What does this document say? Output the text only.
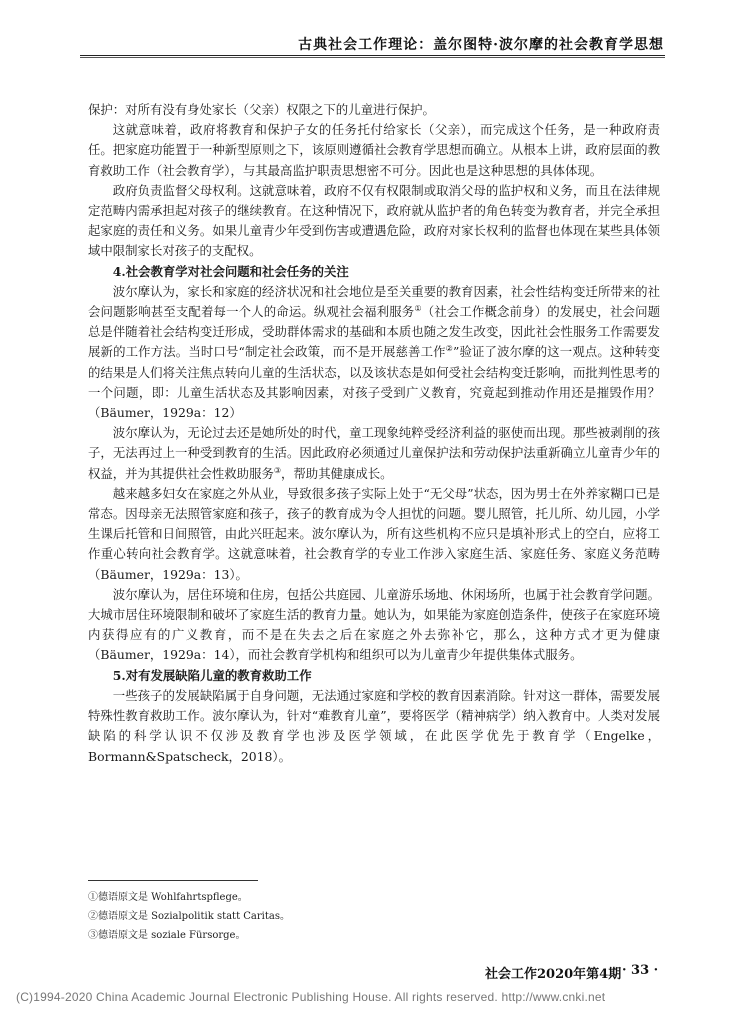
古典社会工作理论：盖尔图特·波尔摩的社会教育学思想

保护：对所有没有身处家长（父亲）权限之下的儿童进行保护。

这就意味着，政府将教育和保护子女的任务托付给家长（父亲），而完成这个任务，是一种政府责任。把家庭功能置于一种新型原则之下，该原则遵循社会教育学思想而确立。从根本上讲，政府层面的教育救助工作（社会教育学），与其最高监护职责思想密不可分。因此也是这种思想的具体体现。

政府负责监督父母权利。这就意味着，政府不仅有权限制或取消父母的监护权和义务，而且在法律规定范畴内需承担起对孩子的继续教育。在这种情况下，政府就从监护者的角色转变为教育者，并完全承担起家庭的责任和义务。如果儿童青少年受到伤害或遭遇危险，政府对家长权利的监督也体现在某些具体领域中限制家长对孩子的支配权。

4.社会教育学对社会问题和社会任务的关注

波尔摩认为，家长和家庭的经济状况和社会地位是至关重要的教育因素，社会性结构变迁所带来的社会问题影响甚至支配着每一个人的命运。纵观社会福利服务①（社会工作概念前身）的发展史，社会问题总是伴随着社会结构变迁形成，受助群体需求的基础和本质也随之发生改变，因此社会性服务工作需要发展新的工作方法。当时口号“制定社会政策，而不是开展慈善工作②”验证了波尔摩的这一观点。这种转变的结果是人们将关注焦点转向儿童的生活状态，以及该状态是如何受社会结构变迁影响，而批判性思考的一个问题，即：儿童生活状态及其影响因素，对孩子受到广义教育，究竟起到推动作用还是摧毁作用？（Bäumer，1929a：12）

波尔摩认为，无论过去还是她所处的时代，童工现象纯粹受经济利益的驱使而出现。那些被剥削的孩子，无法再过上一种受到教育的生活。因此政府必须通过儿童保护法和劳动保护法重新确立儿童青少年的权益，并为其提供社会性救助服务③，帮助其健康成长。

越来越多妇女在家庭之外从业，导致很多孩子实际上处于“无父母”状态，因为男士在外养家糊口已是常态。因母亲无法照管家庭和孩子，孩子的教育成为令人担忧的问题。婴儿照管，托儿所、幼儿园，小学生课后托管和日间照管，由此兴旺起来。波尔摩认为，所有这些机构不应只是填补形式上的空白，应将工作重心转向社会教育学。这就意味着，社会教育学的专业工作涉入家庭生活、家庭任务、家庭义务范畴（Bäumer，1929a：13）。

波尔摩认为，居住环境和住房，包括公共庭园、儿童游乐场地、休闲场所，也属于社会教育学问题。大城市居住环境限制和破坏了家庭生活的教育力量。她认为，如果能为家庭创造条件，使孩子在家庭环境内获得应有的广义教育，而不是在失去之后在家庭之外去弥补它，那么，这种方式才更为健康（Bäumer，1929a：14），而社会教育学机构和组织可以为儿童青少年提供集体式服务。

5.对有发展缺陷儿童的教育救助工作

一些孩子的发展缺陷属于自身问题，无法通过家庭和学校的教育因素消除。针对这一群体，需要发展特殊性教育救助工作。波尔摩认为，针对“难教育儿童”，要将医学（精神病学）纳入教育中。人类对发展缺陷的科学认识不仅涉及教育学也涉及医学领域，在此医学优先于教育学（Engelke，Bormann&Spatscheck，2018）。

①德语原文是 Wohlfahrtspflege。
②德语原文是 Sozialpolitik statt Caritas。
③德语原文是 soziale Fürsorge。
社会工作2020年第4期 · 33 ·
(C)1994-2020 China Academic Journal Electronic Publishing House. All rights reserved. http://www.cnki.net
